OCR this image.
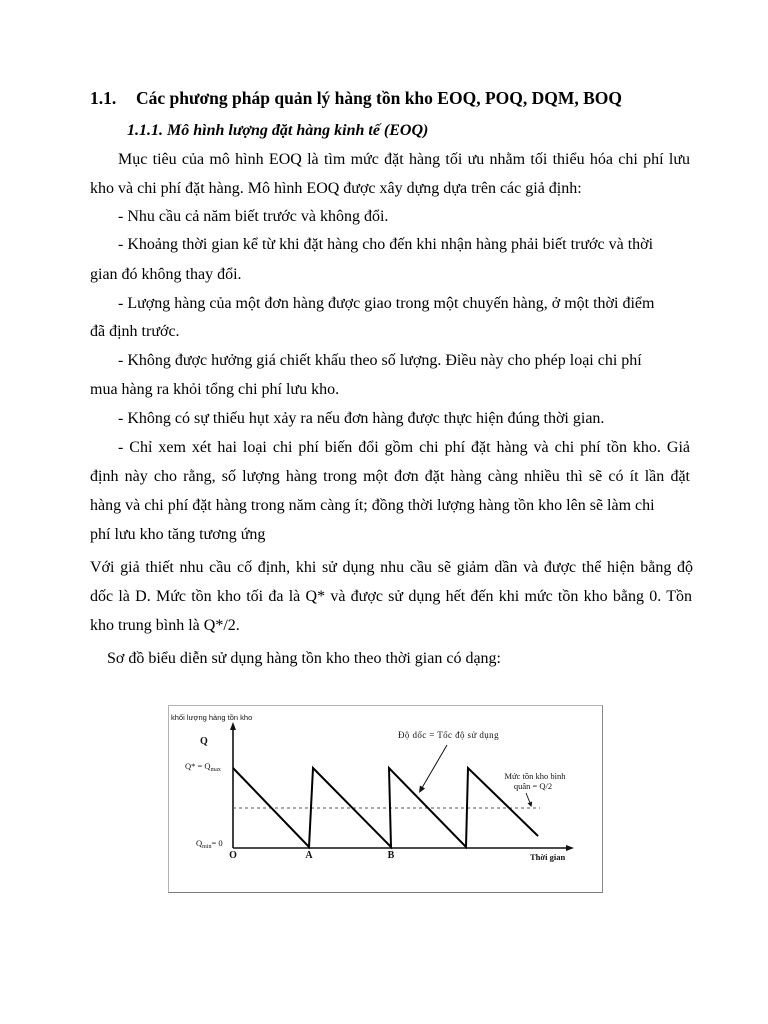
1.1. Các phương pháp quản lý hàng tồn kho EOQ, POQ, DQM, BOQ
1.1.1. Mô hình lượng đặt hàng kinh tế (EOQ)
Mục tiêu của mô hình EOQ là tìm mức đặt hàng tối ưu nhằm tối thiểu hóa chi phí lưu
kho và chi phí đặt hàng. Mô hình EOQ được xây dựng dựa trên các giả định:
- Nhu cầu cả năm biết trước và không đổi.
- Khoảng thời gian kể từ khi đặt hàng cho đến khi nhận hàng phải biết trước và thời
gian đó không thay đổi.
- Lượng hàng của một đơn hàng được giao trong một chuyến hàng, ở một thời điểm
đã định trước.
- Không được hưởng giá chiết khấu theo số lượng. Điều này cho phép loại chi phí
mua hàng ra khỏi tổng chi phí lưu kho.
- Không có sự thiếu hụt xảy ra nếu đơn hàng được thực hiện đúng thời gian.
- Chỉ xem xét hai loại chi phí biến đổi gồm chi phí đặt hàng và chi phí tồn kho. Giả
định này cho rằng, số lượng hàng trong một đơn đặt hàng càng nhiều thì sẽ có ít lần đặt
hàng và chi phí đặt hàng trong năm càng ít; đồng thời lượng hàng tồn kho lên sẽ làm chi
phí lưu kho tăng tương ứng
Với giả thiết nhu cầu cố định, khi sử dụng nhu cầu sẽ giảm dần và được thể hiện bằng độ
dốc là D. Mức tồn kho tối đa là Q* và được sử dụng hết đến khi mức tồn kho bằng 0. Tồn
kho trung bình là Q*/2.
Sơ đồ biểu diễn sử dụng hàng tồn kho theo thời gian có dạng:
khối lượng hàng tồn kho
Q
$Q* = Q_{max}$
$Q_{min}= 0$
O	A	B	Thời gian
Độ dốc = Tốc độ sử dụng
Mức tồn kho bình
quân = Q/2
